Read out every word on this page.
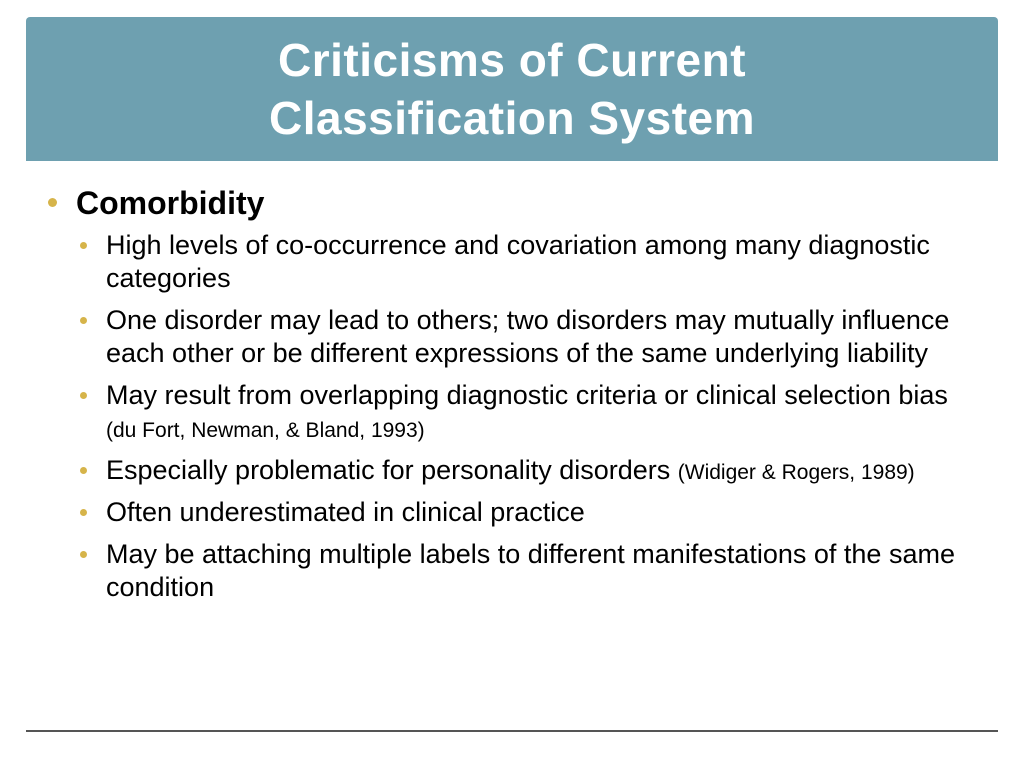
Criticisms of Current
Classification System
Comorbidity
High levels of co-occurrence and covariation among many diagnostic categories
One disorder may lead to others; two disorders may mutually influence each other or be different expressions of the same underlying liability
May result from overlapping diagnostic criteria or clinical selection bias (du Fort, Newman, & Bland, 1993)
Especially problematic for personality disorders (Widiger & Rogers, 1989)
Often underestimated in clinical practice
May be attaching multiple labels to different manifestations of the same condition
